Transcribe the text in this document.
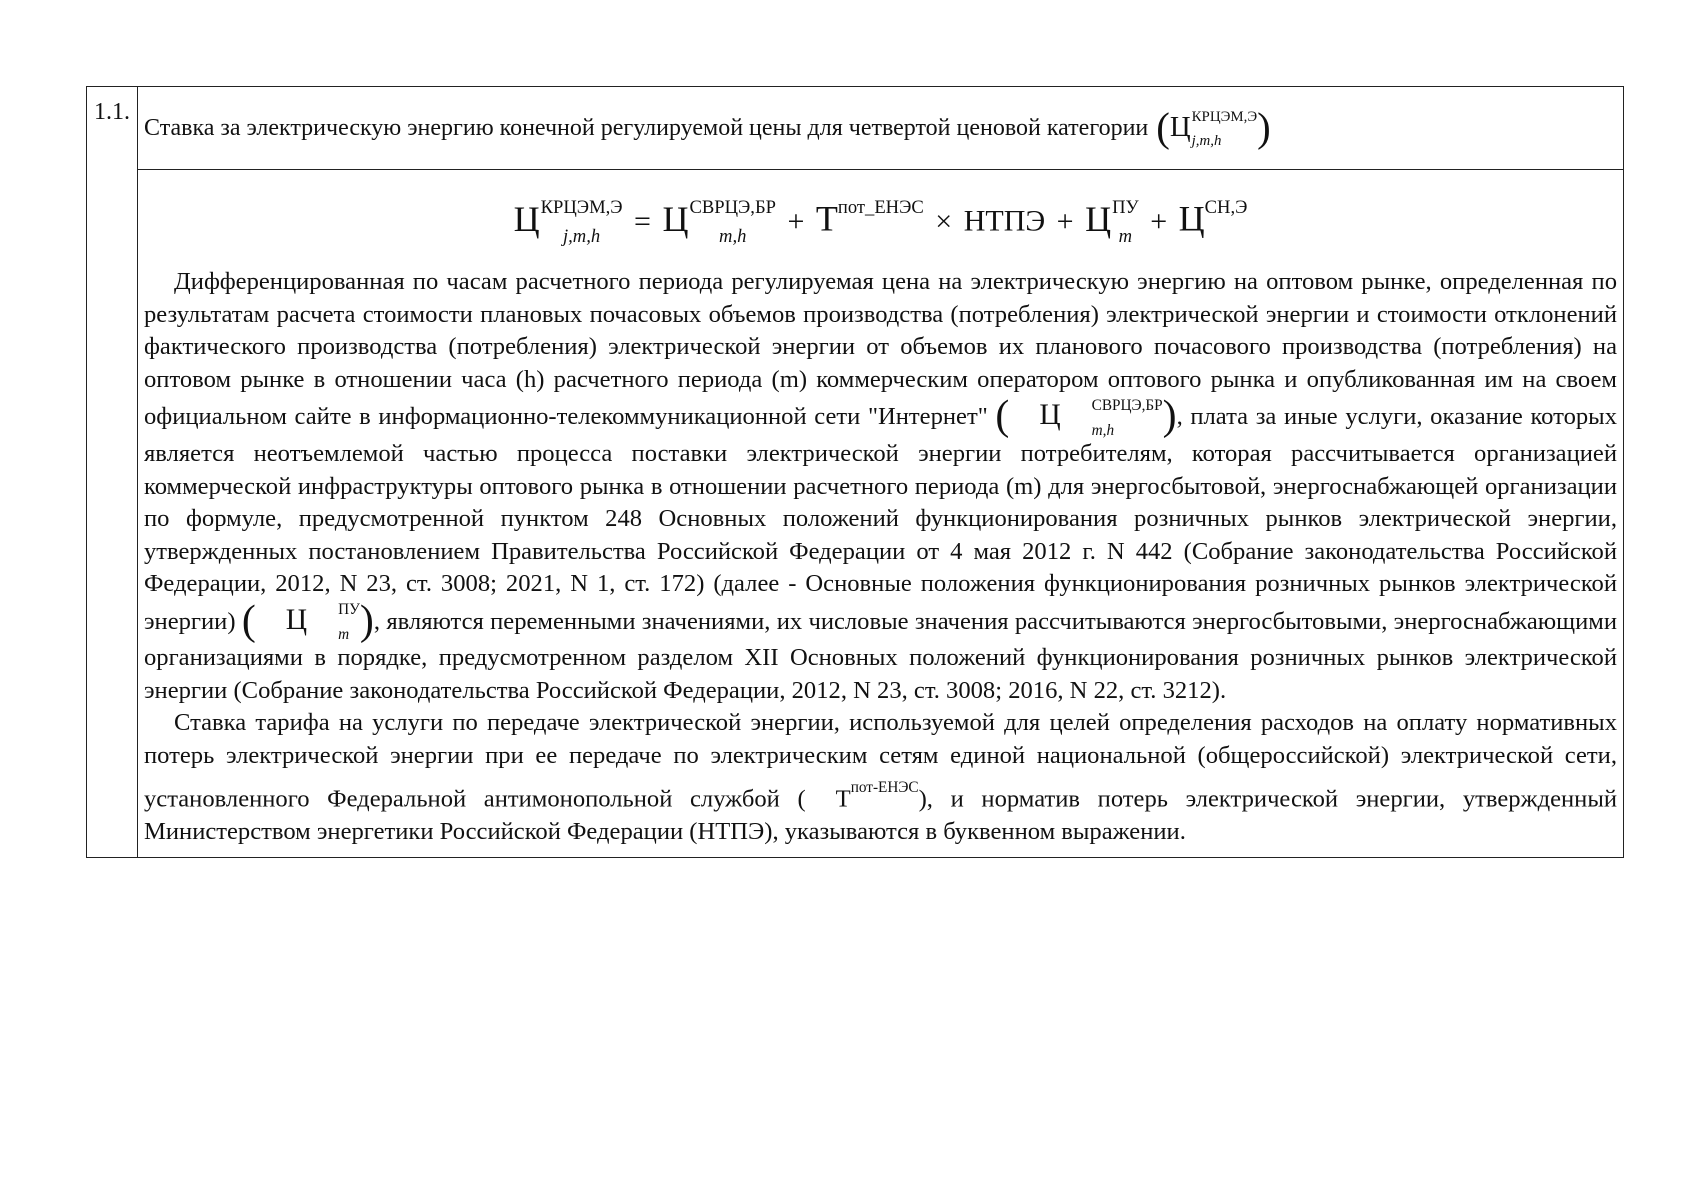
1.1.

Ставка за электрическую энергию конечной регулируемой цены для четвертой ценовой категории ( Ц КРЦЭМ,Э
j,m,h )

Ц КРЦЭМ,Э
j,m,h	= Ц СВРЦЭ,БР
m,h	+ $Т^{пот\_ЕНЭС}$ × НТПЭ + Ц ПУ
$m + Ц^{СН,Э}$

Дифференцированная по часам расчетного периода регулируемая цена на электрическую энергию на оптовом рынке, определенная по результатам расчета стоимости плановых почасовых объемов производства (потребления) электрической энергии и стоимости отклонений фактического производства (потребления) электрической энергии от объемов их планового почасового производства (потребления) на оптовом рынке в отношении часа (h) расчетного периода (m) коммерческим оператором оптового рынка и опубликованная им на своем официальном сайте в информационно-телекоммуникационной сети "Интернет" ( Ц	СВРЦЭ,БР
m,h	), плата за иные услуги, оказание которых является неотъемлемой частью процесса поставки электрической энергии потребителям, которая рассчитывается организацией коммерческой инфраструктуры оптового рынка в отношении расчетного периода (m) для энергосбытовой, энергоснабжающей организации по формуле, предусмотренной пунктом 248 Основных положений функционирования розничных рынков электрической энергии, утвержденных постановлением Правительства Российской Федерации от 4 мая 2012 г. N 442 (Собрание законодательства Российской Федерации, 2012, N 23, ст. 3008; 2021, N 1, ст. 172) (далее - Основные положения функционирования розничных рынков электрической энергии) ( Ц	ПУ
m ), являются переменными значениями, их числовые значения рассчитываются энергосбытовыми, энергоснабжающими организациями в порядке, предусмотренном разделом XII Основных положений функционирования розничных рынков электрической энергии (Собрание законодательства Российской Федерации, 2012, N 23, ст. 3008; 2016, N 22, ст. 3212).

Ставка тарифа на услуги по передаче электрической энергии, используемой для целей определения расходов на оплату нормативных потерь электрической энергии при ее передаче по электрическим сетям единой национальной (общероссийской) электрической сети, установленного Федеральной антимонопольной службой ( $Т^{пот-ЕНЭС}$), и норматив потерь электрической энергии, утвержденный Министерством энергетики Российской Федерации (НТПЭ), указываются в буквенном выражении.
